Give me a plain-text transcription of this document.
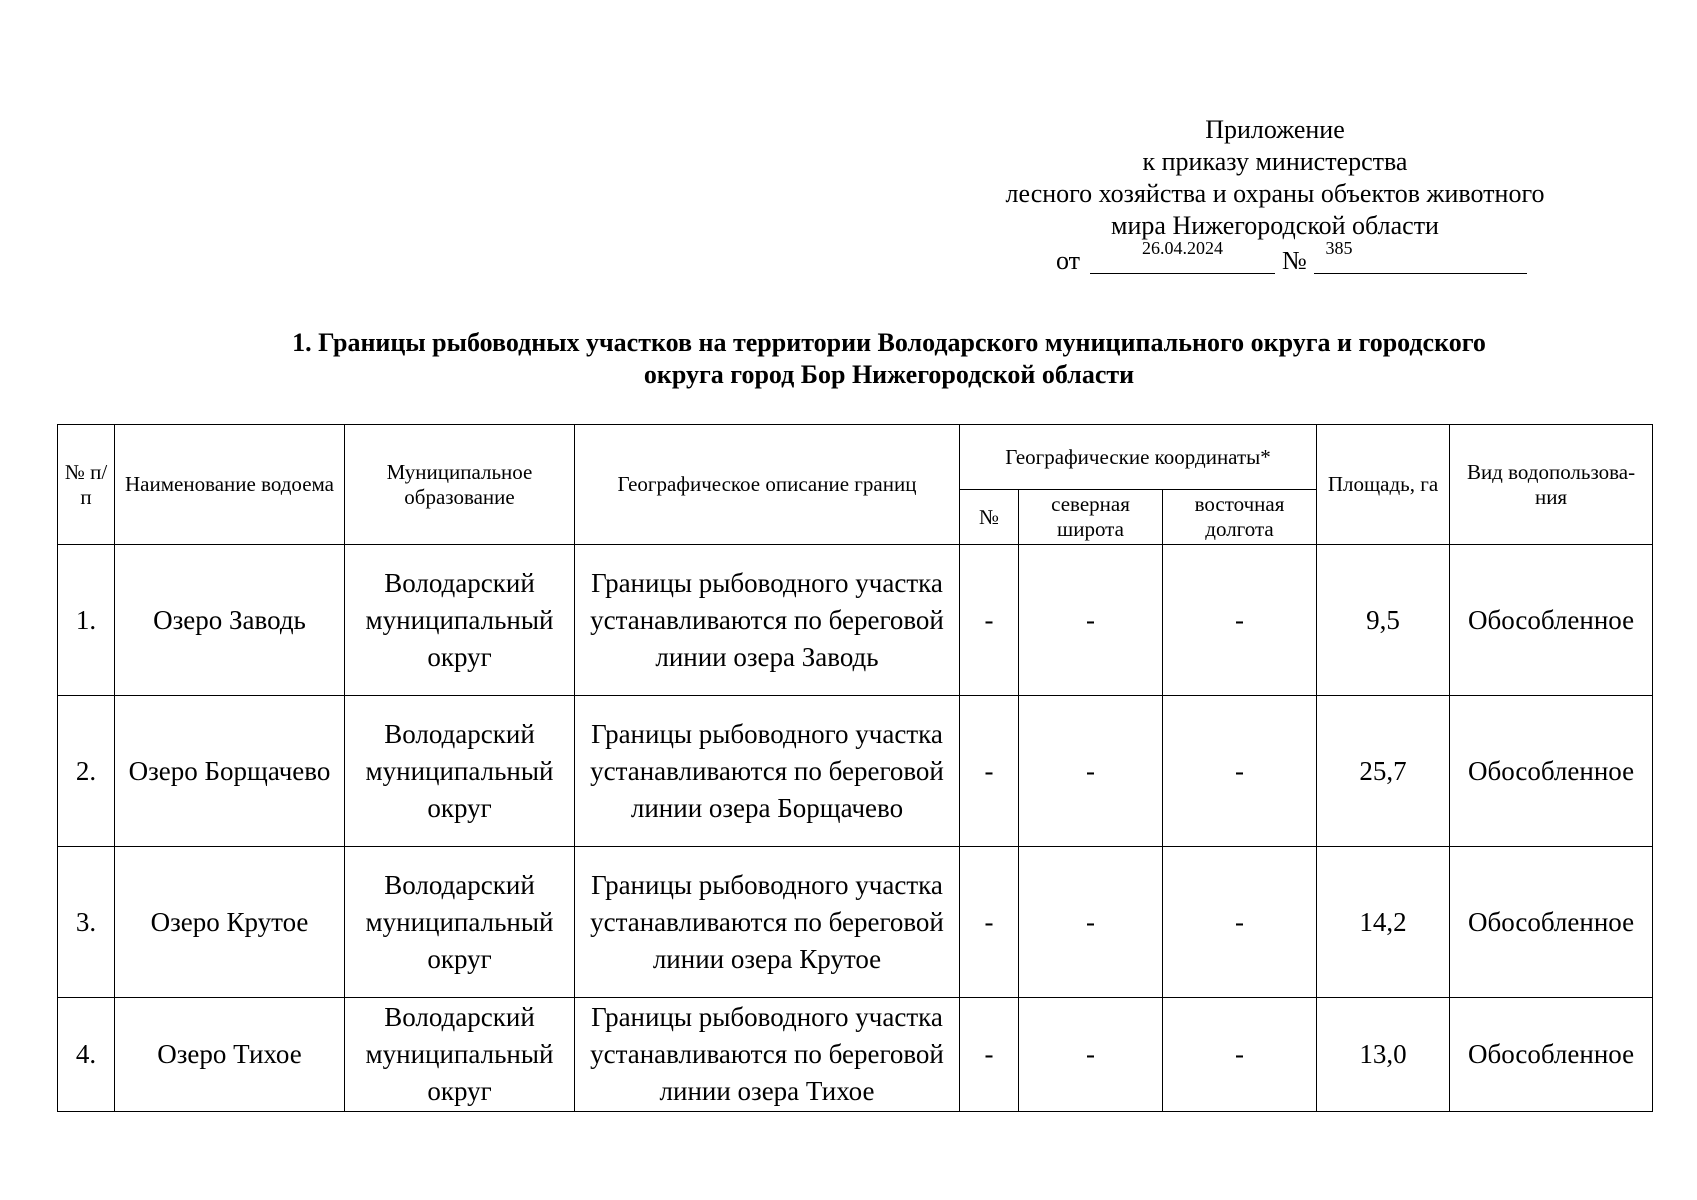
Приложение
к приказу министерства
лесного хозяйства и охраны объектов животного
мира Нижегородской области
от	26.04.2024	№	385
1. Границы рыбоводных участков на территории Володарского муниципального округа и городского
округа город Бор Нижегородской области
№ п/п	Наименование водоема	Муниципальное образование	Географическое описание границ	Географические координаты*			Площадь, га	Вид водопользова-ния
				№	северная широта	восточная долгота		
1.	Озеро Заводь	Володарский муниципальный округ	Границы рыбоводного участка устанавливаются по береговой линии озера Заводь	-	-	-	9,5	Обособленное
2.	Озеро Борщачево	Володарский муниципальный округ	Границы рыбоводного участка устанавливаются по береговой линии озера Борщачево	-	-	-	25,7	Обособленное
3.	Озеро Крутое	Володарский муниципальный округ	Границы рыбоводного участка устанавливаются по береговой линии озера Крутое	-	-	-	14,2	Обособленное
4.	Озеро Тихое	Володарский муниципальный округ	Границы рыбоводного участка устанавливаются по береговой линии озера Тихое	-	-	-	13,0	Обособленное
